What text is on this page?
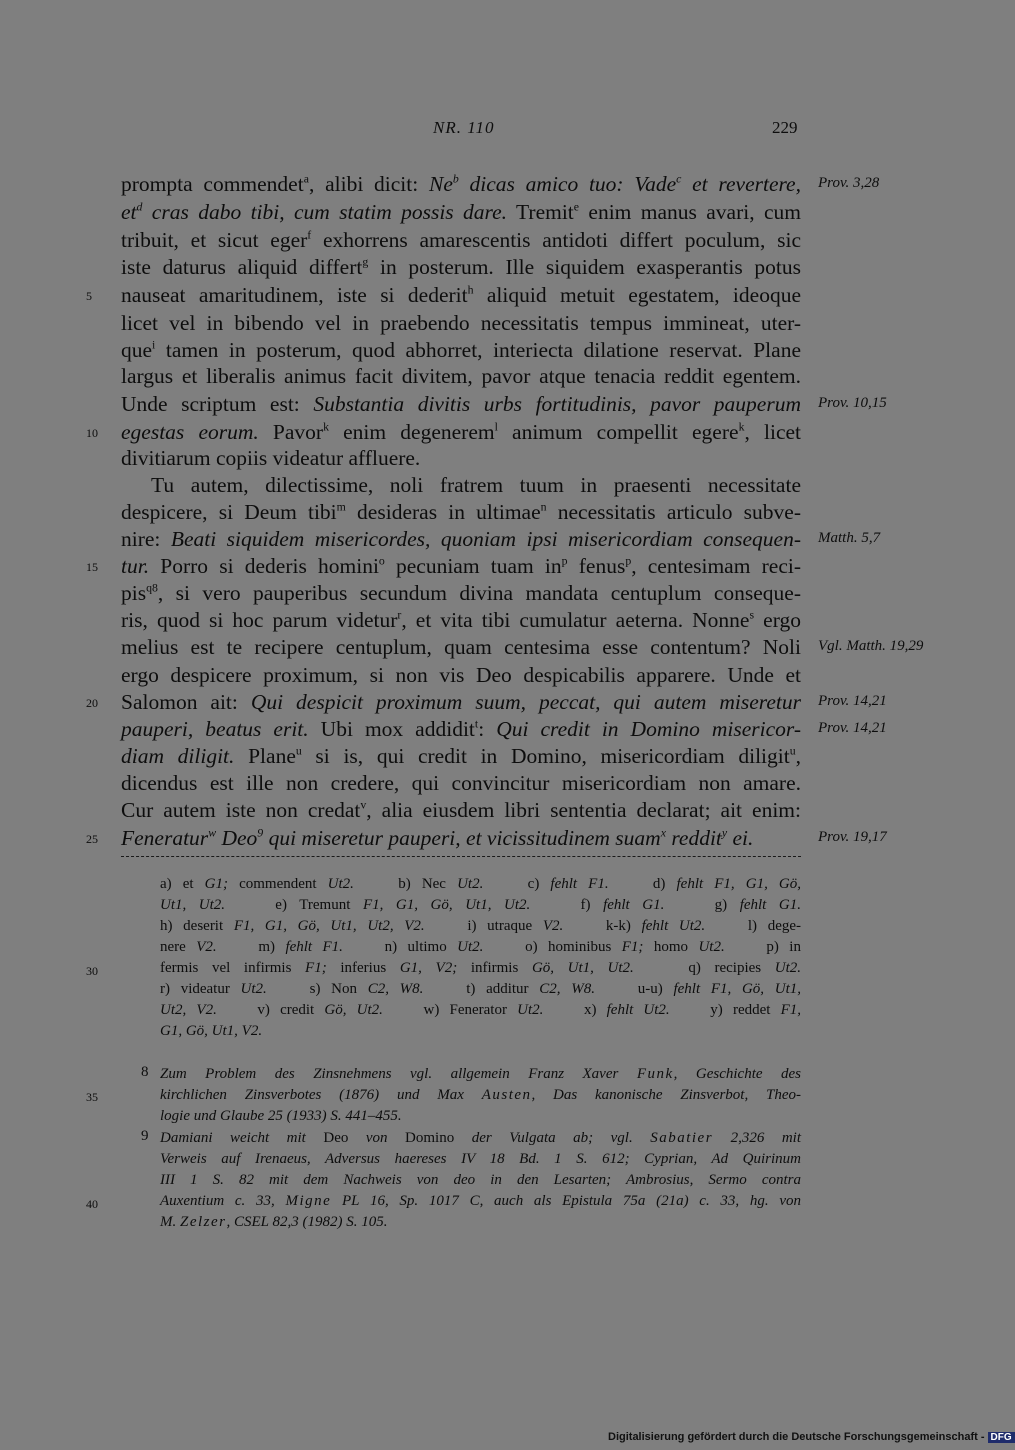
NR. 110	229
prompta commendet$^a$, alibi dicit: Ne$^b$ dicas amico tuo: Vade$^c$ et revertere,
$et^d$ cras dabo tibi, cum statim possis dare. Tremit$^e$ enim manus avari, cum
tribuit, et sicut eger$^f$ exhorrens amarescentis antidoti differt poculum, sic
iste daturus aliquid differt$^g$ in posterum. Ille siquidem exasperantis potus
nauseat amaritudinem, iste si dederit$^h$ aliquid metuit egestatem, ideoque
licet vel in bibendo vel in praebendo necessitatis tempus immineat, uter-
que$^i$ tamen in posterum, quod abhorret, interiecta dilatione reservat. Plane
largus et liberalis animus facit divitem, pavor atque tenacia reddit egentem.
Unde scriptum est: Substantia divitis urbs fortitudinis, pavor pauperum
egestas eorum. Pavor$^k$ enim degenerem$^l$ animum compellit egere$^k$, licet
divitiarum copiis videatur affluere.
Tu autem, dilectissime, noli fratrem tuum in praesenti necessitate
despicere, si Deum tibi$^m$ desideras in ultimae$^n$ necessitatis articulo subve-
nire: Beati siquidem misericordes, quoniam ipsi misericordiam consequen-
tur. Porro si dederis homini$^o$ pecuniam tuam $in^p$ fenus$^p$, centesimam reci-
pis$^{q8}$, si vero pauperibus secundum divina mandata centuplum conseque-
ris, quod si hoc parum videtur$^r$, et vita tibi cumulatur aeterna. Nonne$^s$ ergo
melius est te recipere centuplum, quam centesima esse contentum? Noli
ergo despicere proximum, si non vis Deo despicabilis apparere. Unde et
Salomon ait: Qui despicit proximum suum, peccat, qui autem miseretur
pauperi, beatus erit. Ubi mox addidit$^t$: Qui credit in Domino misericor-
diam diligit. Plane$^u$ si is, qui credit in Domino, misericordiam diligit$^u$,
dicendus est ille non credere, qui convincitur misericordiam non amare.
Cur autem iste non credat$^v$, alia eiusdem libri sententia declarat; ait enim:
Feneratur$^w$ Deo$^9$ qui miseretur pauperi, et vicissitudinem suam$^x$ reddit$^y$ ei.
5
10
15
20
25
30
35
40
Prov. 3,28
Prov. 10,15
Matth. 5,7
Vgl. Matth. 19,29
Prov. 14,21
Prov. 14,21
Prov. 19,17
a) et G1; commendent Ut2.    b) Nec Ut2.    c) fehlt F1.    d) fehlt F1, G1, Gö,
Ut1, Ut2.    e) Tremunt F1, G1, Gö, Ut1, Ut2.    f) fehlt G1.    g) fehlt G1.
h) deserit F1, G1, Gö, Ut1, Ut2, V2.    i) utraque V2.    k-k) fehlt Ut2.    l) dege-
nere V2.    m) fehlt F1.    n) ultimo Ut2.    o) hominibus F1; homo Ut2.    p) in
fermis vel infirmis F1; inferius G1, V2; infirmis Gö, Ut1, Ut2.    q) recipies Ut2.
r) videatur Ut2.    s) Non C2, W8.    t) additur C2, W8.    u-u) fehlt F1, Gö, Ut1,
Ut2, V2.    v) credit Gö, Ut2.    w) Fenerator Ut2.    x) fehlt Ut2.    y) reddet F1,
G1, Gö, Ut1, V2.
8 Zum Problem des Zinsnehmens vgl. allgemein Franz Xaver Funk, Geschichte des
kirchlichen Zinsverbotes (1876) und Max Austen, Das kanonische Zinsverbot, Theo-
logie und Glaube 25 (1933) S. 441–455.
9 Damiani weicht mit Deo von Domino der Vulgata ab; vgl. Sabatier 2,326 mit
Verweis auf Irenaeus, Adversus haereses IV 18 Bd. 1 S. 612; Cyprian, Ad Quirinum
III 1 S. 82 mit dem Nachweis von deo in den Lesarten; Ambrosius, Sermo contra
Auxentium c. 33, Migne PL 16, Sp. 1017 C, auch als Epistula 75a (21a) c. 33, hg. von
M. Zelzer, CSEL 82,3 (1982) S. 105.
Digitalisierung gefördert durch die Deutsche Forschungsgemeinschaft - DFG
